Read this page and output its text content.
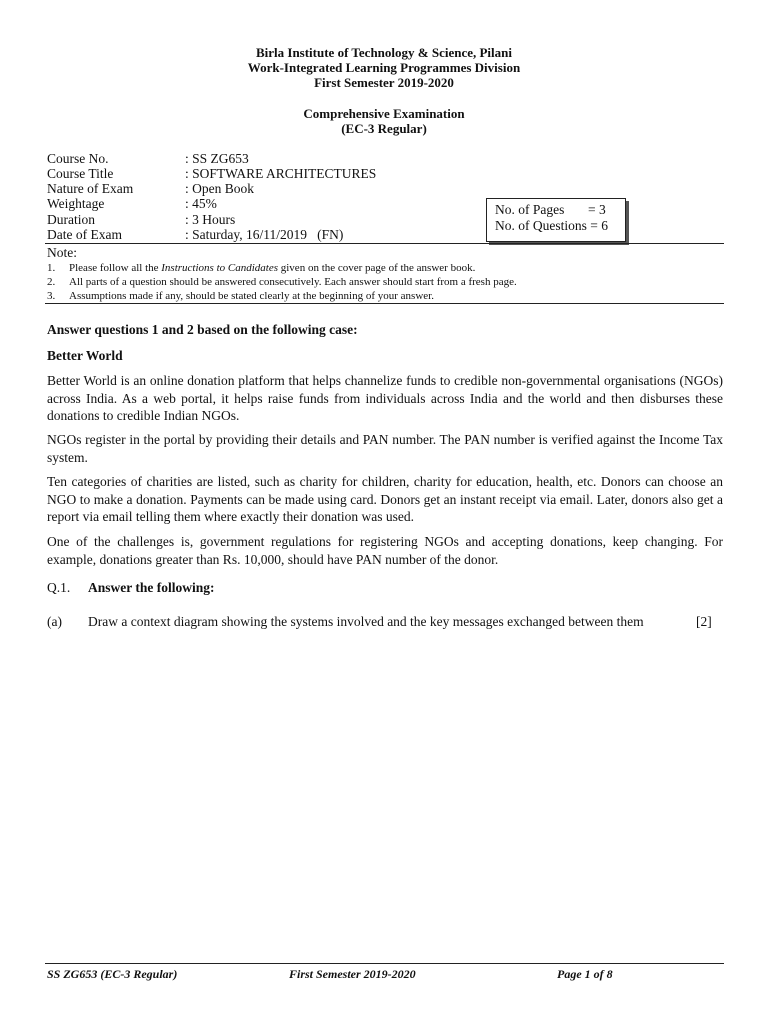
Birla Institute of Technology & Science, Pilani
Work-Integrated Learning Programmes Division
First Semester 2019-2020
Comprehensive Examination
(EC-3 Regular)
Course No.	: SS ZG653
Course Title	: SOFTWARE ARCHITECTURES
Nature of Exam	: Open Book
Weightage	: 45%
Duration	: 3 Hours
Date of Exam	: Saturday, 16/11/2019   (FN)
No. of Pages       = 3
No. of Questions = 6
Note:
1. Please follow all the Instructions to Candidates given on the cover page of the answer book.
2. All parts of a question should be answered consecutively. Each answer should start from a fresh page.
3. Assumptions made if any, should be stated clearly at the beginning of your answer.
Answer questions 1 and 2 based on the following case:
Better World
Better World is an online donation platform that helps channelize funds to credible non-governmental organisations (NGOs) across India. As a web portal, it helps raise funds from individuals across India and the world and then disburses these donations to credible Indian NGOs.
NGOs register in the portal by providing their details and PAN number. The PAN number is verified against the Income Tax system.
Ten categories of charities are listed, such as charity for children, charity for education, health, etc. Donors can choose an NGO to make a donation. Payments can be made using card. Donors get an instant receipt via email. Later, donors also get a report via email telling them where exactly their donation was used.
One of the challenges is, government regulations for registering NGOs and accepting donations, keep changing. For example, donations greater than Rs. 10,000, should have PAN number of the donor.
Q.1. Answer the following:
(a) Draw a context diagram showing the systems involved and the key messages exchanged between them	[2]
SS ZG653 (EC-3 Regular)	First Semester 2019-2020	Page 1 of 8
